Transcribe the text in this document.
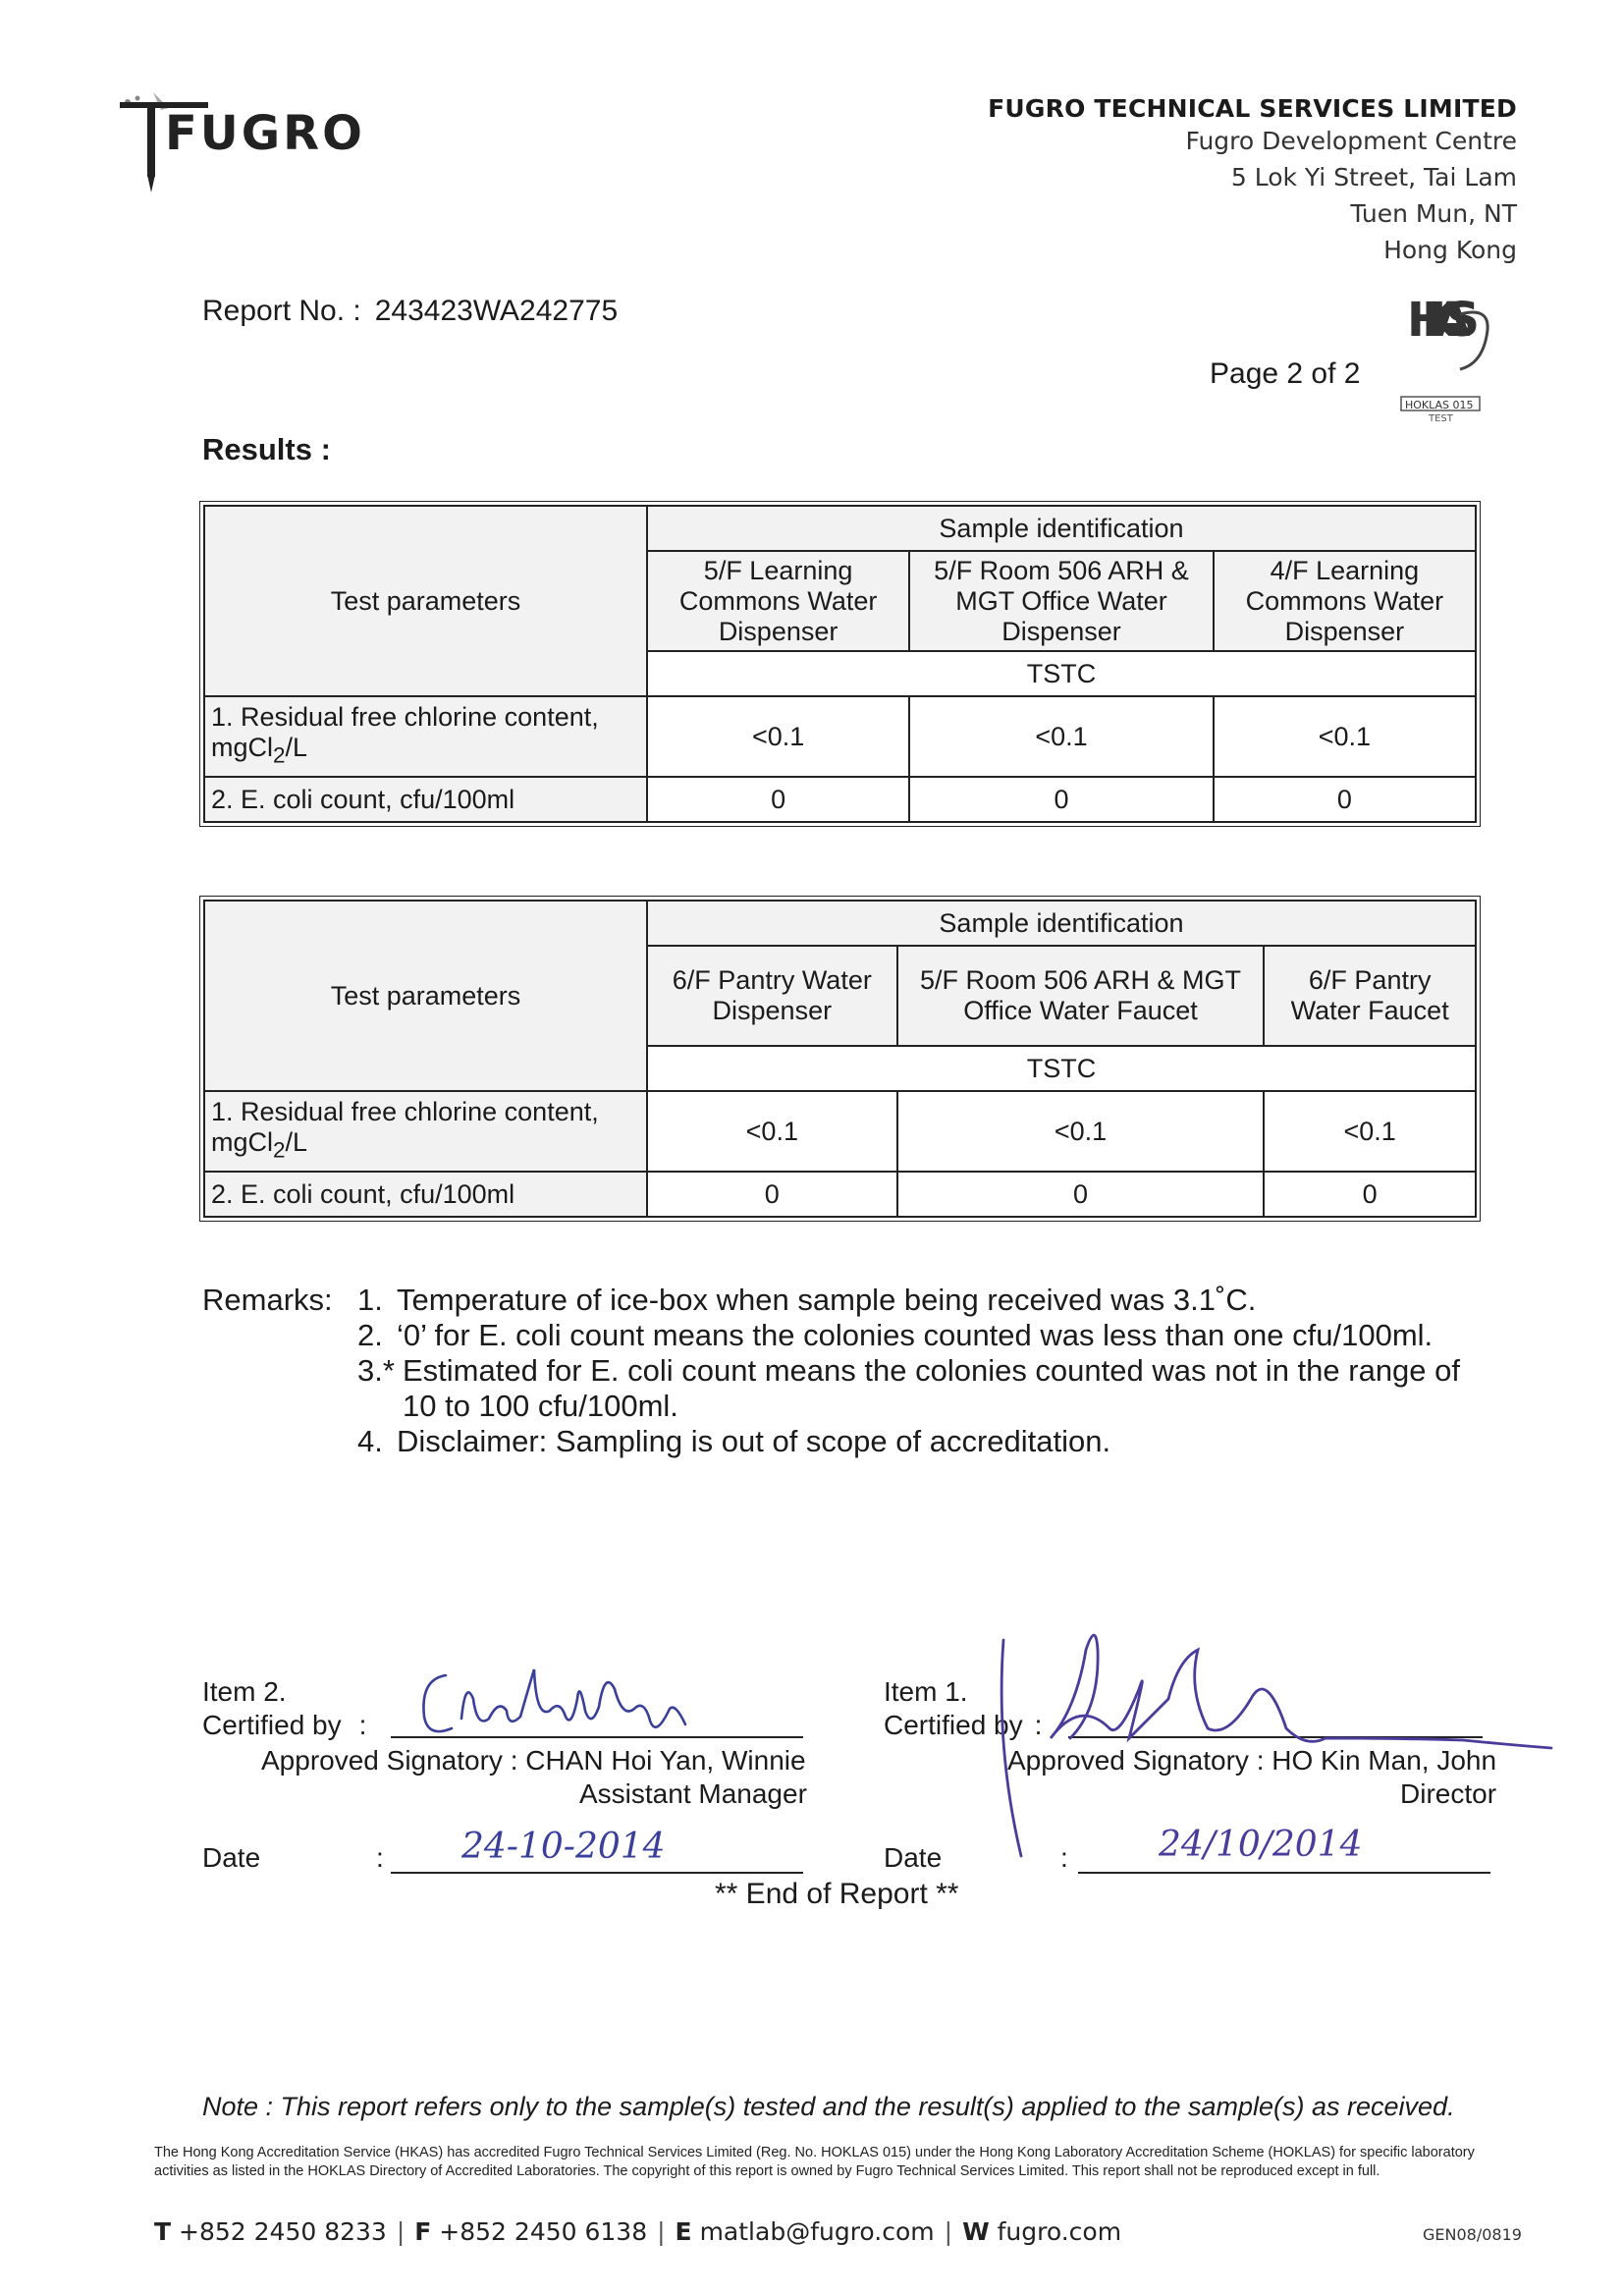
FUGRO	FUGRO TECHNICAL SERVICES LIMITED
Fugro Development Centre
5 Lok Yi Street, Tai Lam
Tuen Mun, NT
Hong Kong
Report No. : 243423WA242775
Page 2 of 2
HKAS
HOKLAS 015
TEST
Results :
Test parameters	Sample identification		
	5/F Learning Commons Water Dispenser	5/F Room 506 ARH & MGT Office Water Dispenser	4/F Learning Commons Water Dispenser
	TSTC		
1. Residual free chlorine content,
mgCl$_2$/L	<0.1	<0.1	<0.1
2. E. coli count, cfu/100ml	0	0	0
Test parameters	Sample identification		
	6/F Pantry Water Dispenser	5/F Room 506 ARH & MGT Office Water Faucet	6/F Pantry Water Faucet
	TSTC		
1. Residual free chlorine content,
mgCl$_2$/L	<0.1	<0.1	<0.1
2. E. coli count, cfu/100ml	0	0	0
Remarks: 1. Temperature of ice-box when sample being received was 3.1˚C.
2. ‘0’ for E. coli count means the colonies counted was less than one cfu/100ml.
3.* Estimated for E. coli count means the colonies counted was not in the range of 10 to 100 cfu/100ml.
4. Disclaimer: Sampling is out of scope of accreditation.
Item 2.
Certified by :
Approved Signatory : CHAN Hoi Yan, Winnie
Assistant Manager
Date	: 24-10-2014
Item 1.
Certified by :
Approved Signatory : HO Kin Man, John
Director
Date	:	24/10/2014
** End of Report **
Note : This report refers only to the sample(s) tested and the result(s) applied to the sample(s) as received.
The Hong Kong Accreditation Service (HKAS) has accredited Fugro Technical Services Limited (Reg. No. HOKLAS 015) under the Hong Kong Laboratory Accreditation Scheme (HOKLAS) for specific laboratory activities as listed in the HOKLAS Directory of Accredited Laboratories. The copyright of this report is owned by Fugro Technical Services Limited. This report shall not be reproduced except in full.
T +852 2450 8233 | F +852 2450 6138 | E matlab@fugro.com | W fugro.com	GEN08/0819
